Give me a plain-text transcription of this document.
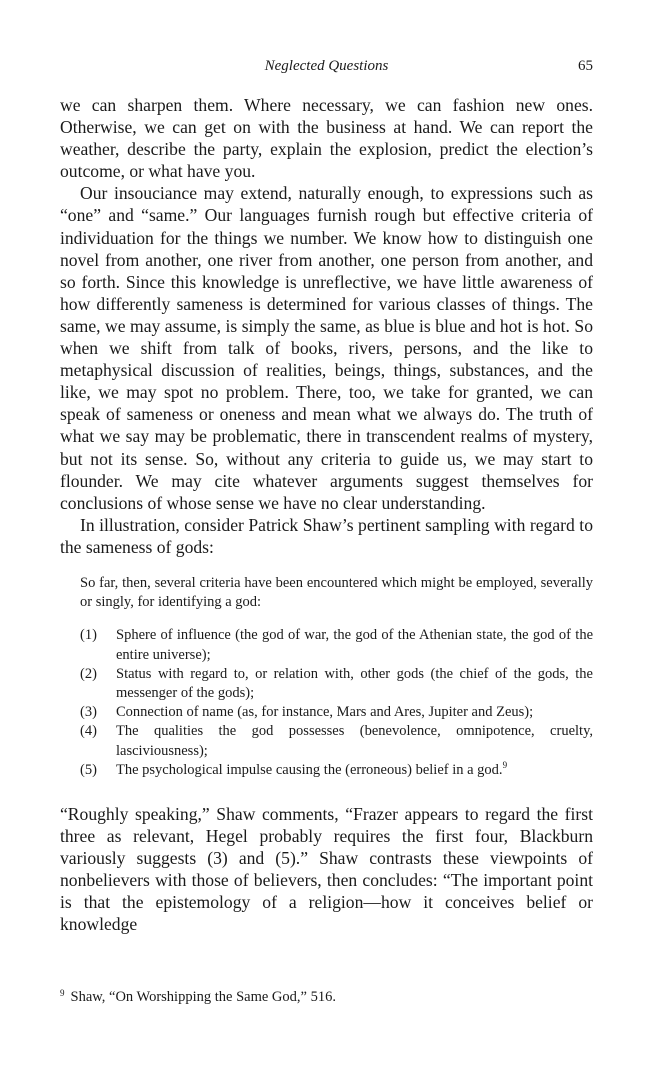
Neglected Questions	65

we can sharpen them. Where necessary, we can fashion new ones. Otherwise, we can get on with the business at hand. We can report the weather, describe the party, explain the explosion, predict the election’s outcome, or what have you.

Our insouciance may extend, naturally enough, to expressions such as “one” and “same.” Our languages furnish rough but effective criteria of individuation for the things we number. We know how to distinguish one novel from another, one river from another, one person from another, and so forth. Since this knowledge is unreflective, we have little awareness of how differently sameness is determined for various classes of things. The same, we may assume, is simply the same, as blue is blue and hot is hot. So when we shift from talk of books, rivers, persons, and the like to metaphysical discussion of realities, beings, things, substances, and the like, we may spot no problem. There, too, we take for granted, we can speak of sameness or oneness and mean what we always do. The truth of what we say may be problematic, there in transcendent realms of mystery, but not its sense. So, without any criteria to guide us, we may start to flounder. We may cite whatever arguments suggest themselves for conclusions of whose sense we have no clear understanding.

In illustration, consider Patrick Shaw’s pertinent sampling with regard to the sameness of gods:

So far, then, several criteria have been encountered which might be employed, severally or singly, for identifying a god:

(1) Sphere of influence (the god of war, the god of the Athenian state, the god of the entire universe);
(2) Status with regard to, or relation with, other gods (the chief of the gods, the messenger of the gods);
(3) Connection of name (as, for instance, Mars and Ares, Jupiter and Zeus);
(4) The qualities the god possesses (benevolence, omnipotence, cruelty, lasciviousness);
(5) The psychological impulse causing the (erroneous) belief in a god.$^9$

“Roughly speaking,” Shaw comments, “Frazer appears to regard the first three as relevant, Hegel probably requires the first four, Blackburn variously suggests (3) and (5).” Shaw contrasts these viewpoints of nonbelievers with those of believers, then concludes: “The important point is that the epistemology of a religion—how it conceives belief or knowledge

$^9$ Shaw, “On Worshipping the Same God,” 516.
